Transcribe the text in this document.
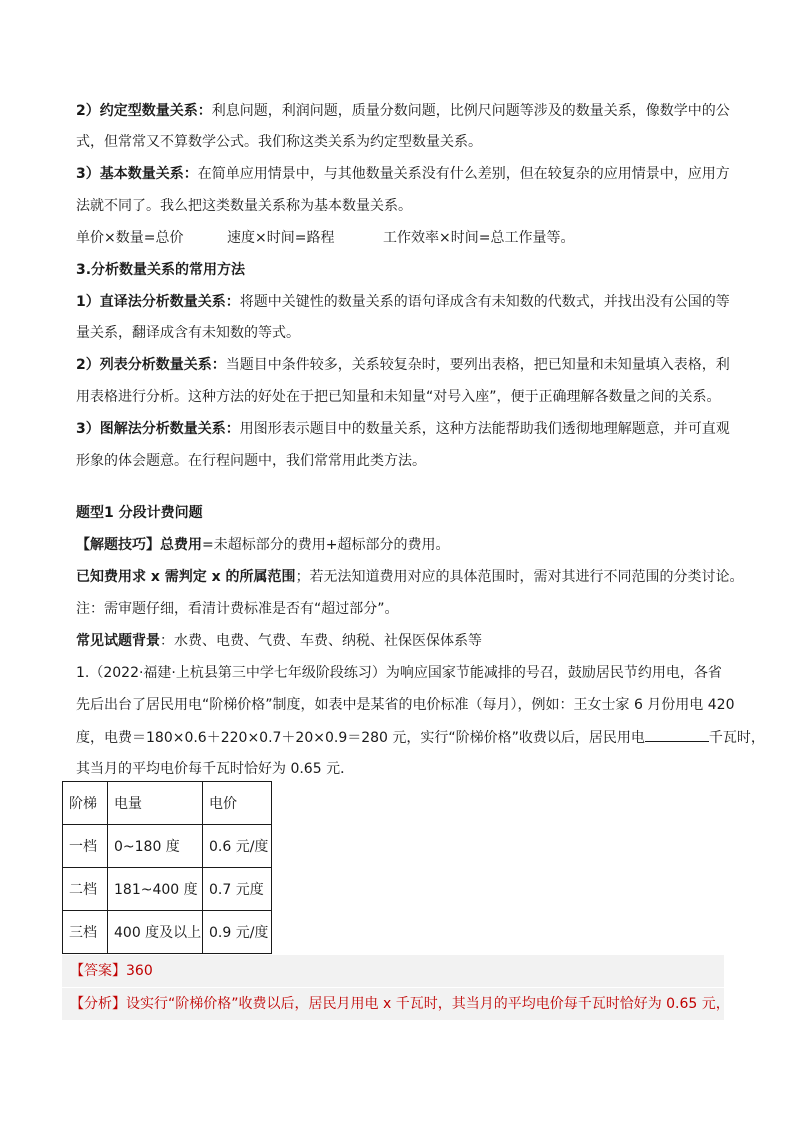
2）约定型数量关系：利息问题，利润问题，质量分数问题，比例尺问题等涉及的数量关系，像数学中的公
式，但常常又不算数学公式。我们称这类关系为约定型数量关系。
3）基本数量关系：在简单应用情景中，与其他数量关系没有什么差别，但在较复杂的应用情景中，应用方
法就不同了。我么把这类数量关系称为基本数量关系。
单价×数量=总价	速度×时间=路程	工作效率×时间=总工作量等。
3.分析数量关系的常用方法
1）直译法分析数量关系：将题中关键性的数量关系的语句译成含有未知数的代数式，并找出没有公国的等
量关系，翻译成含有未知数的等式。
2）列表分析数量关系：当题目中条件较多，关系较复杂时，要列出表格，把已知量和未知量填入表格，利
用表格进行分析。这种方法的好处在于把已知量和未知量“对号入座”，便于正确理解各数量之间的关系。
3）图解法分析数量关系：用图形表示题目中的数量关系，这种方法能帮助我们透彻地理解题意，并可直观
形象的体会题意。在行程问题中，我们常常用此类方法。
题型1 分段计费问题
【解题技巧】总费用=未超标部分的费用+超标部分的费用。
已知费用求 x 需判定 x 的所属范围；若无法知道费用对应的具体范围时，需对其进行不同范围的分类讨论。
注：需审题仔细，看清计费标准是否有“超过部分”。
常见试题背景：水费、电费、气费、车费、纳税、社保医保体系等
1.（2022·福建·上杭县第三中学七年级阶段练习）为响应国家节能减排的号召，鼓励居民节约用电，各省
先后出台了居民用电“阶梯价格”制度，如表中是某省的电价标准（每月），例如：王女士家 6 月份用电 420
度，电费＝180×0.6＋220×0.7＋20×0.9＝280 元，实行“阶梯价格”收费以后，居民用电	千瓦时，
其当月的平均电价每千瓦时恰好为 0.65 元．
阶梯	电量	电价
一档	0~180 度	0.6 元/度
二档	181~400 度	0.7 元度
三档	400 度及以上	0.9 元/度
【答案】360
【分析】设实行“阶梯价格”收费以后，居民月用电 x 千瓦时，其当月的平均电价每千瓦时恰好为 0.65 元，
